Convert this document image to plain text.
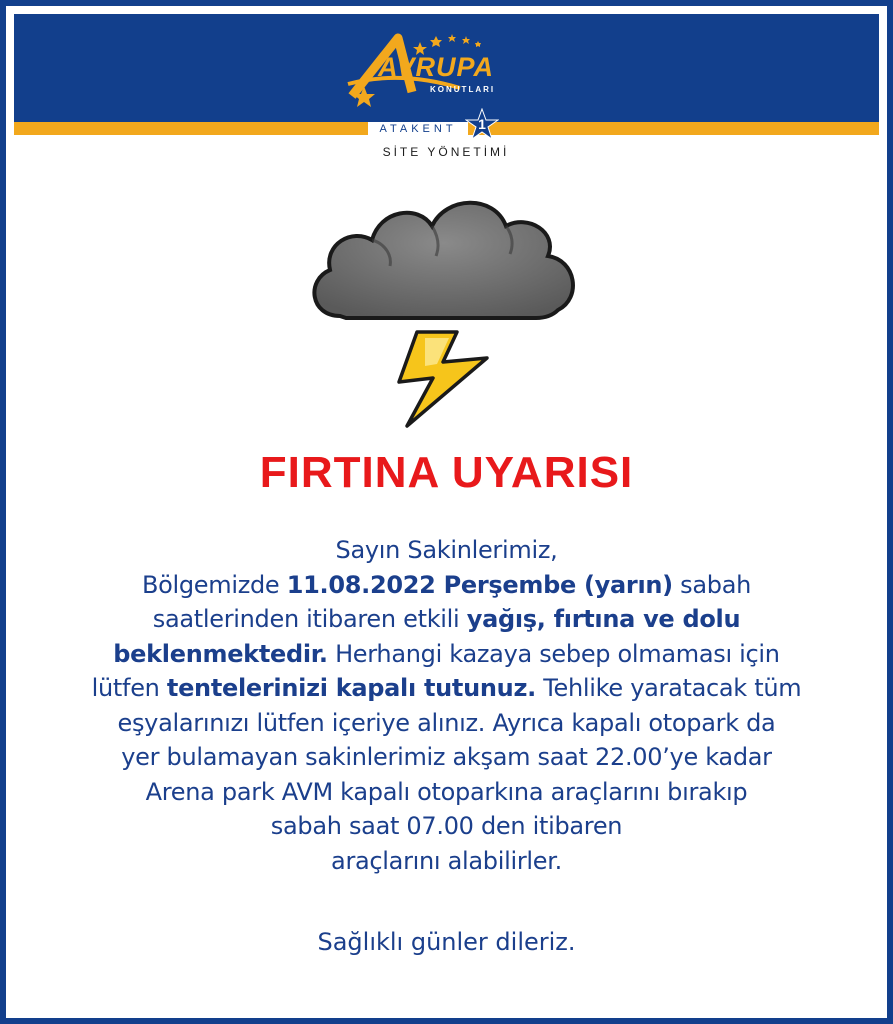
AVRUPA
KONUTLARI
ATAKENT	1
SİTE YÖNETİMİ
FIRTINA UYARISI
Sayın Sakinlerimiz,
Bölgemizde 11.08.2022 Perşembe (yarın) sabah
saatlerinden itibaren etkili yağış, fırtına ve dolu
beklenmektedir. Herhangi kazaya sebep olmaması için
lütfen tentelerinizi kapalı tutunuz. Tehlike yaratacak tüm
eşyalarınızı lütfen içeriye alınız. Ayrıca kapalı otopark da
yer bulamayan sakinlerimiz akşam saat 22.00’ye kadar
Arena park AVM kapalı otoparkına araçlarını bırakıp
sabah saat 07.00 den itibaren
araçlarını alabilirler.
Sağlıklı günler dileriz.
